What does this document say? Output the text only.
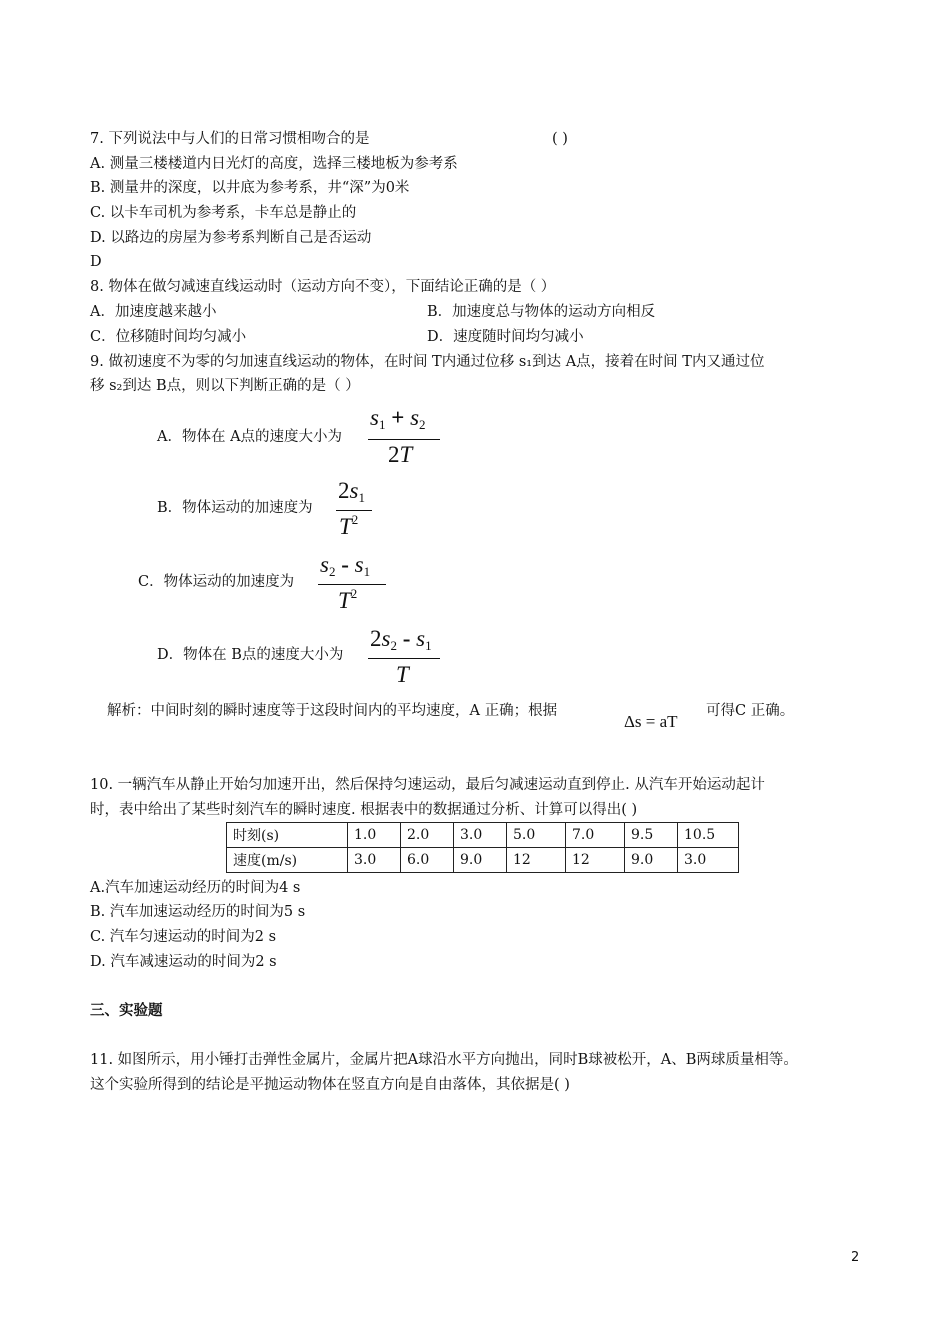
7. 下列说法中与人们的日常习惯相吻合的是	( )
A. 测量三楼楼道内日光灯的高度，选择三楼地板为参考系
B. 测量井的深度，以井底为参考系，井“深”为0米
C. 以卡车司机为参考系，卡车总是静止的
D. 以路边的房屋为参考系判断自己是否运动
D
8. 物体在做匀减速直线运动时（运动方向不变），下面结论正确的是（ ）
A．加速度越来越小	B．加速度总与物体的运动方向相反
C．位移随时间均匀减小	D．速度随时间均匀减小
9. 做初速度不为零的匀加速直线运动的物体，在时间 T内通过位移 s₁到达 A点，接着在时间 T内又通过位
移 s₂到达 B点，则以下判断正确的是（ ）
A．物体在 A点的速度大小为
$s_1 + s_2$
2T
B．物体运动的加速度为
$2s_1$
$T^2$
C．物体运动的加速度为
$s_2 - s_1$
$T^2$
D．物体在 B点的速度大小为
$2s_2 - s_1$
T
解析：中间时刻的瞬时速度等于这段时间内的平均速度，A 正确；根据
Δs = aT
可得C 正确。
10. 一辆汽车从静止开始匀加速开出，然后保持匀速运动，最后匀减速运动直到停止. 从汽车开始运动起计
时，表中给出了某些时刻汽车的瞬时速度. 根据表中的数据通过分析、计算可以得出( )
时刻(s)	1.0	2.0	3.0	5.0	7.0	9.5	10.5
速度(m/s)	3.0	6.0	9.0	12	12	9.0	3.0
A.汽车加速运动经历的时间为4 s
B. 汽车加速运动经历的时间为5 s
C. 汽车匀速运动的时间为2 s
D. 汽车减速运动的时间为2 s
三、实验题
11. 如图所示，用小锤打击弹性金属片，金属片把A球沿水平方向抛出，同时B球被松开，A、B两球质量相等。
这个实验所得到的结论是平抛运动物体在竖直方向是自由落体，其依据是( )
2
